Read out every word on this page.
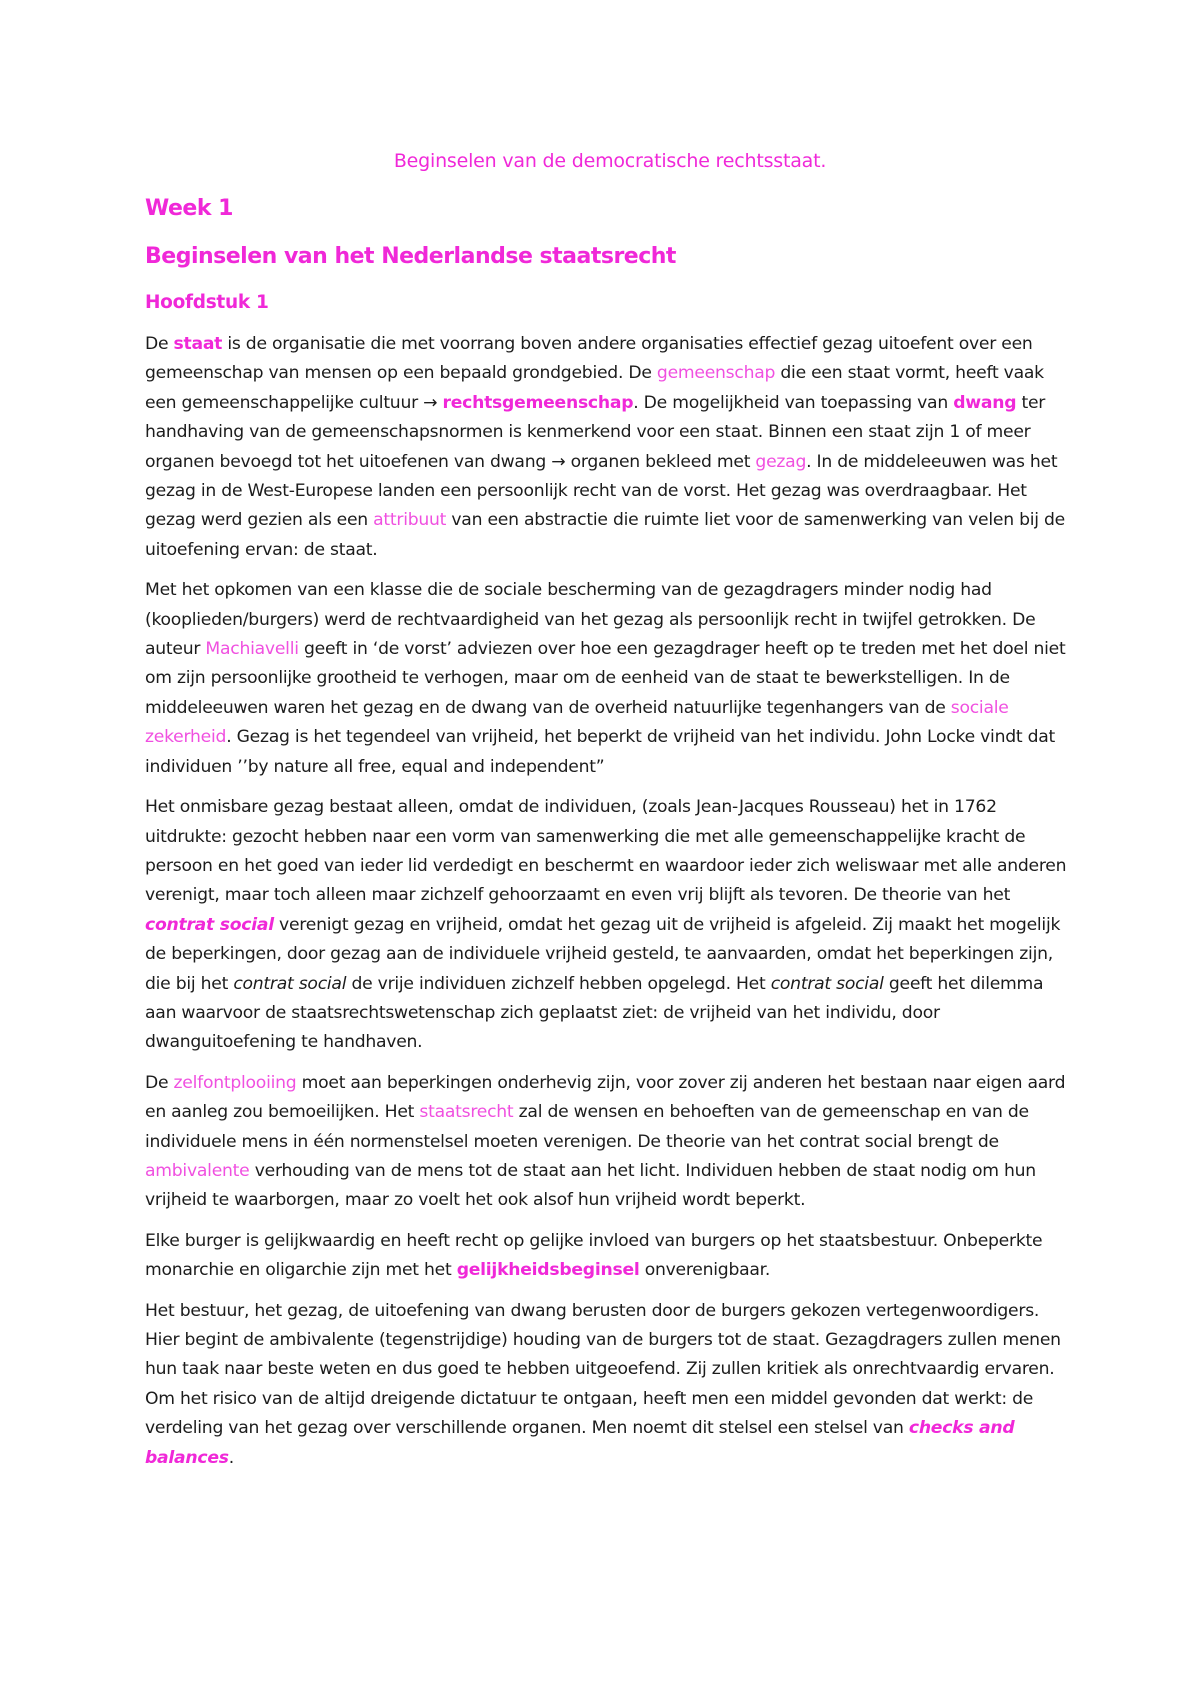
Beginselen van de democratische rechtsstaat.
Week 1
Beginselen van het Nederlandse staatsrecht
Hoofdstuk 1

De staat is de organisatie die met voorrang boven andere organisaties effectief gezag uitoefent over een gemeenschap van mensen op een bepaald grondgebied. De gemeenschap die een staat vormt, heeft vaak een gemeenschappelijke cultuur → rechtsgemeenschap. De mogelijkheid van toepassing van dwang ter handhaving van de gemeenschapsnormen is kenmerkend voor een staat. Binnen een staat zijn 1 of meer organen bevoegd tot het uitoefenen van dwang → organen bekleed met gezag. In de middeleeuwen was het gezag in de West-Europese landen een persoonlijk recht van de vorst. Het gezag was overdraagbaar. Het gezag werd gezien als een attribuut van een abstractie die ruimte liet voor de samenwerking van velen bij de uitoefening ervan: de staat.

Met het opkomen van een klasse die de sociale bescherming van de gezagdragers minder nodig had (kooplieden/burgers) werd de rechtvaardigheid van het gezag als persoonlijk recht in twijfel getrokken. De auteur Machiavelli geeft in ‘de vorst’ adviezen over hoe een gezagdrager heeft op te treden met het doel niet om zijn persoonlijke grootheid te verhogen, maar om de eenheid van de staat te bewerkstelligen. In de middeleeuwen waren het gezag en de dwang van de overheid natuurlijke tegenhangers van de sociale zekerheid. Gezag is het tegendeel van vrijheid, het beperkt de vrijheid van het individu. John Locke vindt dat individuen ’’by nature all free, equal and independent”

Het onmisbare gezag bestaat alleen, omdat de individuen, (zoals Jean-Jacques Rousseau) het in 1762 uitdrukte: gezocht hebben naar een vorm van samenwerking die met alle gemeenschappelijke kracht de persoon en het goed van ieder lid verdedigt en beschermt en waardoor ieder zich weliswaar met alle anderen verenigt, maar toch alleen maar zichzelf gehoorzaamt en even vrij blijft als tevoren. De theorie van het contrat social verenigt gezag en vrijheid, omdat het gezag uit de vrijheid is afgeleid. Zij maakt het mogelijk de beperkingen, door gezag aan de individuele vrijheid gesteld, te aanvaarden, omdat het beperkingen zijn, die bij het contrat social de vrije individuen zichzelf hebben opgelegd. Het contrat social geeft het dilemma aan waarvoor de staatsrechtswetenschap zich geplaatst ziet: de vrijheid van het individu, door dwanguitoefening te handhaven.

De zelfontplooiing moet aan beperkingen onderhevig zijn, voor zover zij anderen het bestaan naar eigen aard en aanleg zou bemoeilijken. Het staatsrecht zal de wensen en behoeften van de gemeenschap en van de individuele mens in één normenstelsel moeten verenigen. De theorie van het contrat social brengt de ambivalente verhouding van de mens tot de staat aan het licht. Individuen hebben de staat nodig om hun vrijheid te waarborgen, maar zo voelt het ook alsof hun vrijheid wordt beperkt.

Elke burger is gelijkwaardig en heeft recht op gelijke invloed van burgers op het staatsbestuur. Onbeperkte monarchie en oligarchie zijn met het gelijkheidsbeginsel onverenigbaar.

Het bestuur, het gezag, de uitoefening van dwang berusten door de burgers gekozen vertegenwoordigers. Hier begint de ambivalente (tegenstrijdige) houding van de burgers tot de staat. Gezagdragers zullen menen hun taak naar beste weten en dus goed te hebben uitgeoefend. Zij zullen kritiek als onrechtvaardig ervaren. Om het risico van de altijd dreigende dictatuur te ontgaan, heeft men een middel gevonden dat werkt: de verdeling van het gezag over verschillende organen. Men noemt dit stelsel een stelsel van checks and balances.
